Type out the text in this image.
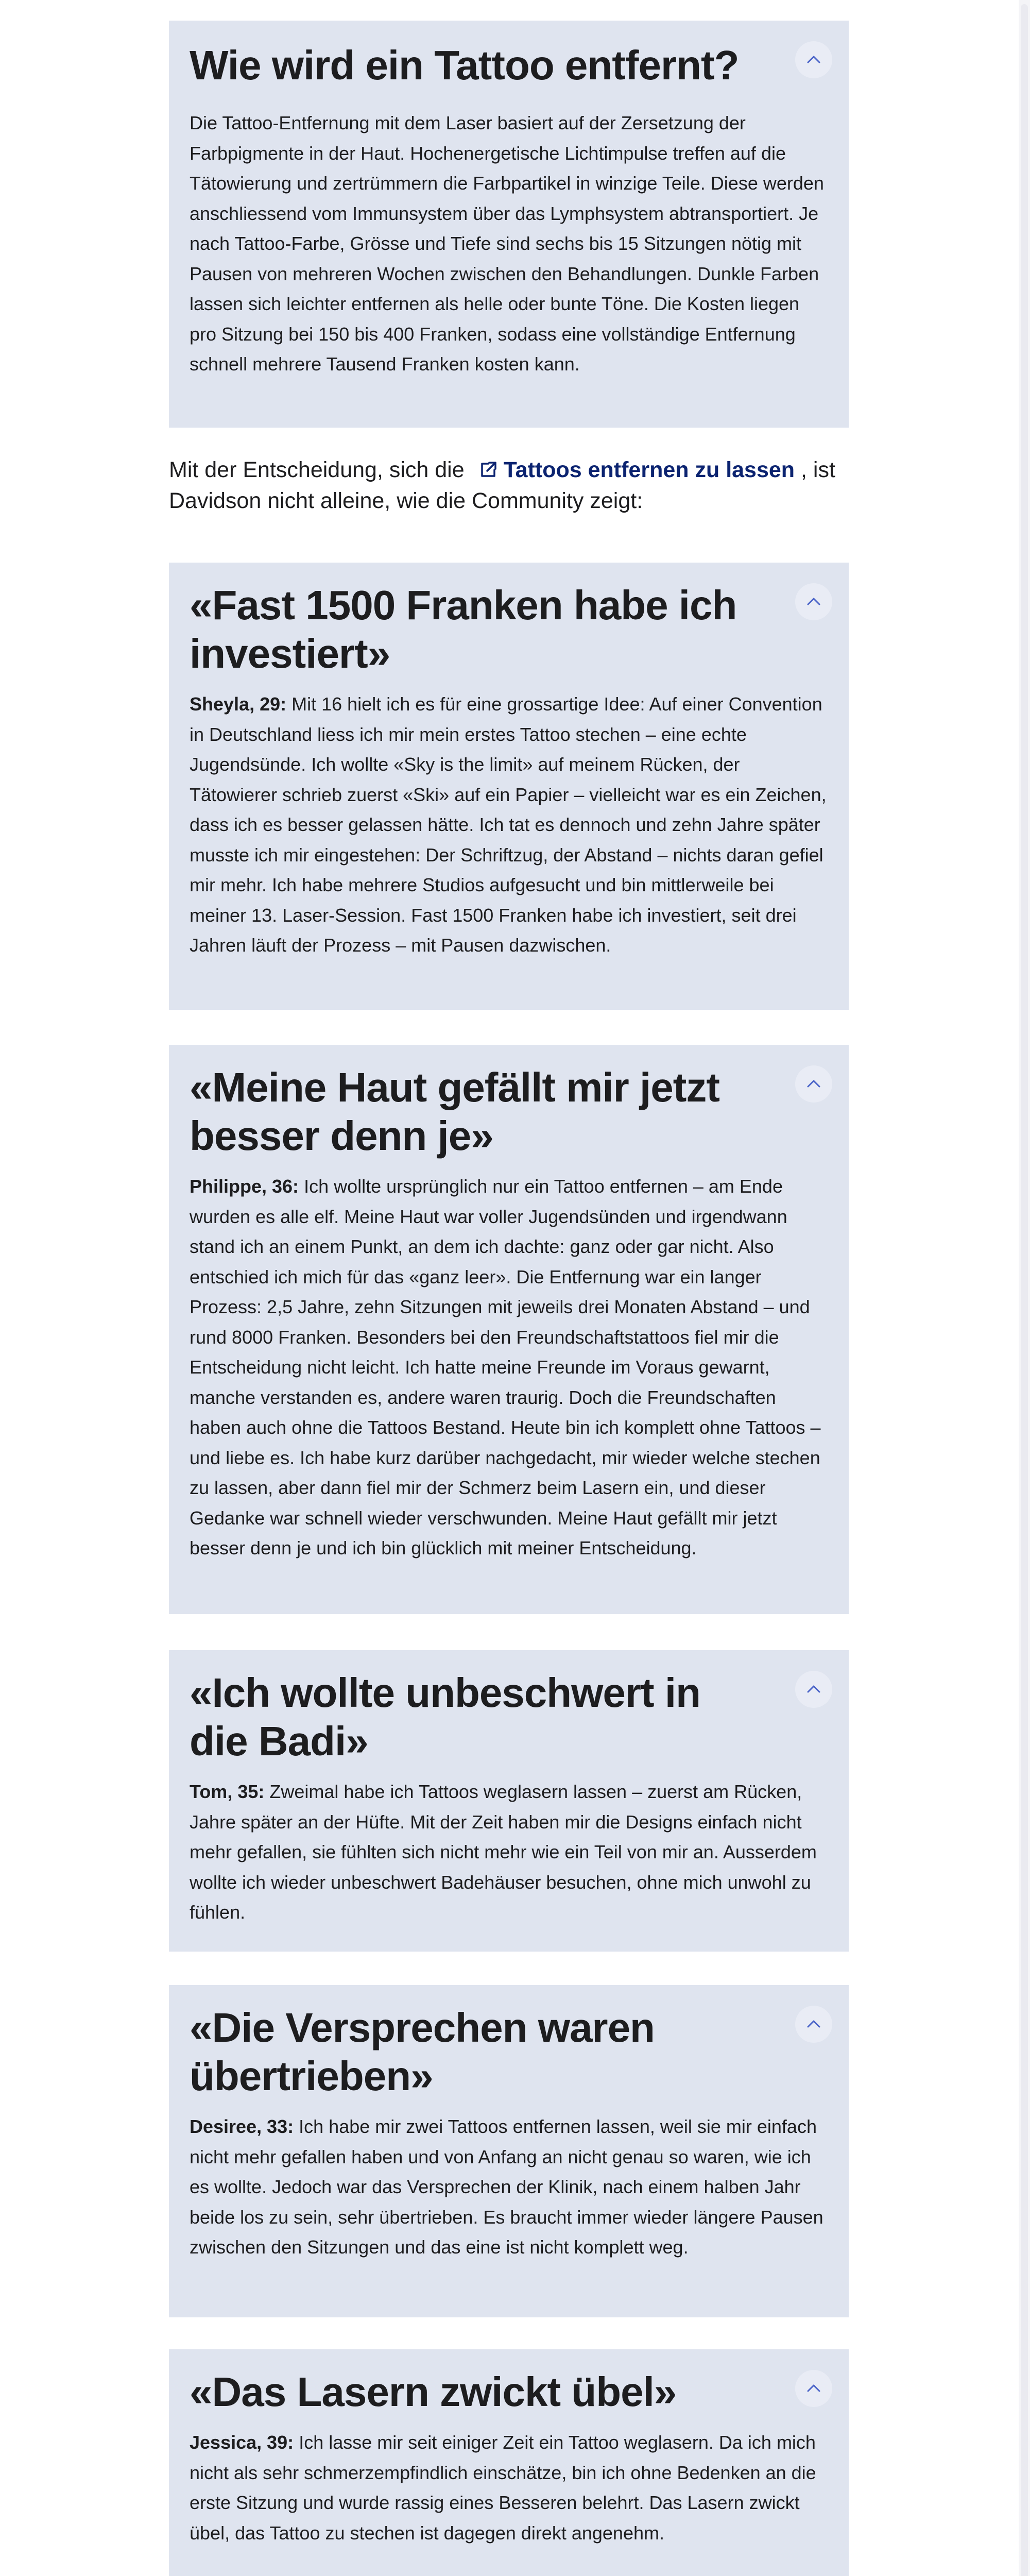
Wie wird ein Tattoo entfernt?

Die Tattoo-Entfernung mit dem Laser basiert auf der Zersetzung der Farbpigmente in der Haut. Hochenergetische Lichtimpulse treffen auf die Tätowierung und zertrümmern die Farbpartikel in winzige Teile. Diese werden anschliessend vom Immunsystem über das Lymphsystem abtransportiert. Je nach Tattoo-Farbe, Grösse und Tiefe sind sechs bis 15 Sitzungen nötig mit Pausen von mehreren Wochen zwischen den Behandlungen. Dunkle Farben lassen sich leichter entfernen als helle oder bunte Töne. Die Kosten liegen pro Sitzung bei 150 bis 400 Franken, sodass eine vollständige Entfernung schnell mehrere Tausend Franken kosten kann.

Mit der Entscheidung, sich die Tattoos entfernen zu lassen , ist Davidson nicht alleine, wie die Community zeigt:

«Fast 1500 Franken habe ich investiert»

Sheyla, 29: Mit 16 hielt ich es für eine grossartige Idee: Auf einer Convention in Deutschland liess ich mir mein erstes Tattoo stechen – eine echte Jugendsünde. Ich wollte «Sky is the limit» auf meinem Rücken, der Tätowierer schrieb zuerst «Ski» auf ein Papier – vielleicht war es ein Zeichen, dass ich es besser gelassen hätte. Ich tat es dennoch und zehn Jahre später musste ich mir eingestehen: Der Schriftzug, der Abstand – nichts daran gefiel mir mehr. Ich habe mehrere Studios aufgesucht und bin mittlerweile bei meiner 13. Laser-Session. Fast 1500 Franken habe ich investiert, seit drei Jahren läuft der Prozess – mit Pausen dazwischen.

«Meine Haut gefällt mir jetzt besser denn je»

Philippe, 36: Ich wollte ursprünglich nur ein Tattoo entfernen – am Ende wurden es alle elf. Meine Haut war voller Jugendsünden und irgendwann stand ich an einem Punkt, an dem ich dachte: ganz oder gar nicht. Also entschied ich mich für das «ganz leer». Die Entfernung war ein langer Prozess: 2,5 Jahre, zehn Sitzungen mit jeweils drei Monaten Abstand – und rund 8000 Franken. Besonders bei den Freundschaftstattoos fiel mir die Entscheidung nicht leicht. Ich hatte meine Freunde im Voraus gewarnt, manche verstanden es, andere waren traurig. Doch die Freundschaften haben auch ohne die Tattoos Bestand. Heute bin ich komplett ohne Tattoos – und liebe es. Ich habe kurz darüber nachgedacht, mir wieder welche stechen zu lassen, aber dann fiel mir der Schmerz beim Lasern ein, und dieser Gedanke war schnell wieder verschwunden. Meine Haut gefällt mir jetzt besser denn je und ich bin glücklich mit meiner Entscheidung.

«Ich wollte unbeschwert in die Badi»

Tom, 35: Zweimal habe ich Tattoos weglasern lassen – zuerst am Rücken, Jahre später an der Hüfte. Mit der Zeit haben mir die Designs einfach nicht mehr gefallen, sie fühlten sich nicht mehr wie ein Teil von mir an. Ausserdem wollte ich wieder unbeschwert Badehäuser besuchen, ohne mich unwohl zu fühlen.

«Die Versprechen waren übertrieben»

Desiree, 33: Ich habe mir zwei Tattoos entfernen lassen, weil sie mir einfach nicht mehr gefallen haben und von Anfang an nicht genau so waren, wie ich es wollte. Jedoch war das Versprechen der Klinik, nach einem halben Jahr beide los zu sein, sehr übertrieben. Es braucht immer wieder längere Pausen zwischen den Sitzungen und das eine ist nicht komplett weg.

«Das Lasern zwickt übel»

Jessica, 39: Ich lasse mir seit einiger Zeit ein Tattoo weglasern. Da ich mich nicht als sehr schmerzempfindlich einschätze, bin ich ohne Bedenken an die erste Sitzung und wurde rassig eines Besseren belehrt. Das Lasern zwickt übel, das Tattoo zu stechen ist dagegen direkt angenehm.
